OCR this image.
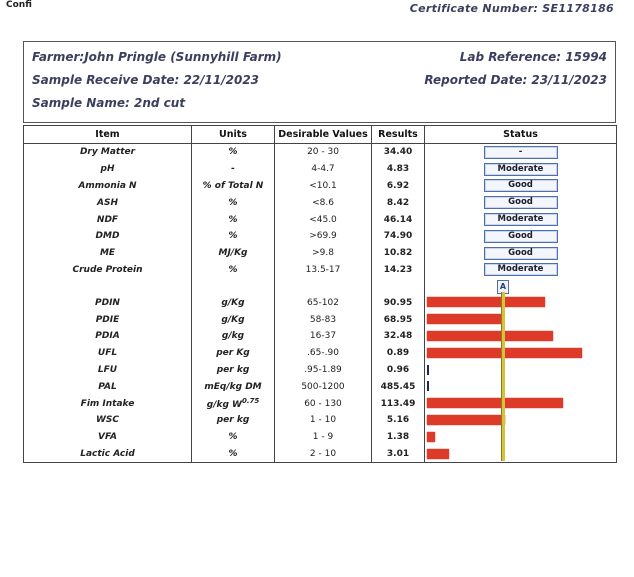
Confi	Certificate Number: SE1178186
Farmer:John Pringle (Sunnyhill Farm)
Sample Receive Date: 22/11/2023
Sample Name: 2nd cut
Lab Reference: 15994
Reported Date: 23/11/2023
Item	Units	Desirable Values	Results	Status
Dry Matter	%	20 - 30	34.40	-
pH	-	4-4.7	4.83	Moderate
Ammonia N	% of Total N	<10.1	6.92	Good
ASH	%	<8.6	8.42	Good
NDF	%	<45.0	46.14	Moderate
DMD	%	>69.9	74.90	Good
ME	MJ/Kg	>9.8	10.82	Good
Crude Protein	%	13.5-17	14.23	Moderate

				A

PDIN	g/Kg	65-102	90.95	

PDIE	g/Kg	58-83	68.95	

PDIA	g/kg	16-37	32.48	

UFL	per Kg	.65-.90	0.89	

LFU	per kg	.95-1.89	0.96	

PAL	mEq/kg DM	500-1200	485.45	

Fim Intake	g/kg $W^{0.75}$	60 - 130	113.49	

WSC	per kg	1 - 10	5.16	

VFA	%	1 - 9	1.38	

Lactic Acid	%	2 - 10	3.01	
